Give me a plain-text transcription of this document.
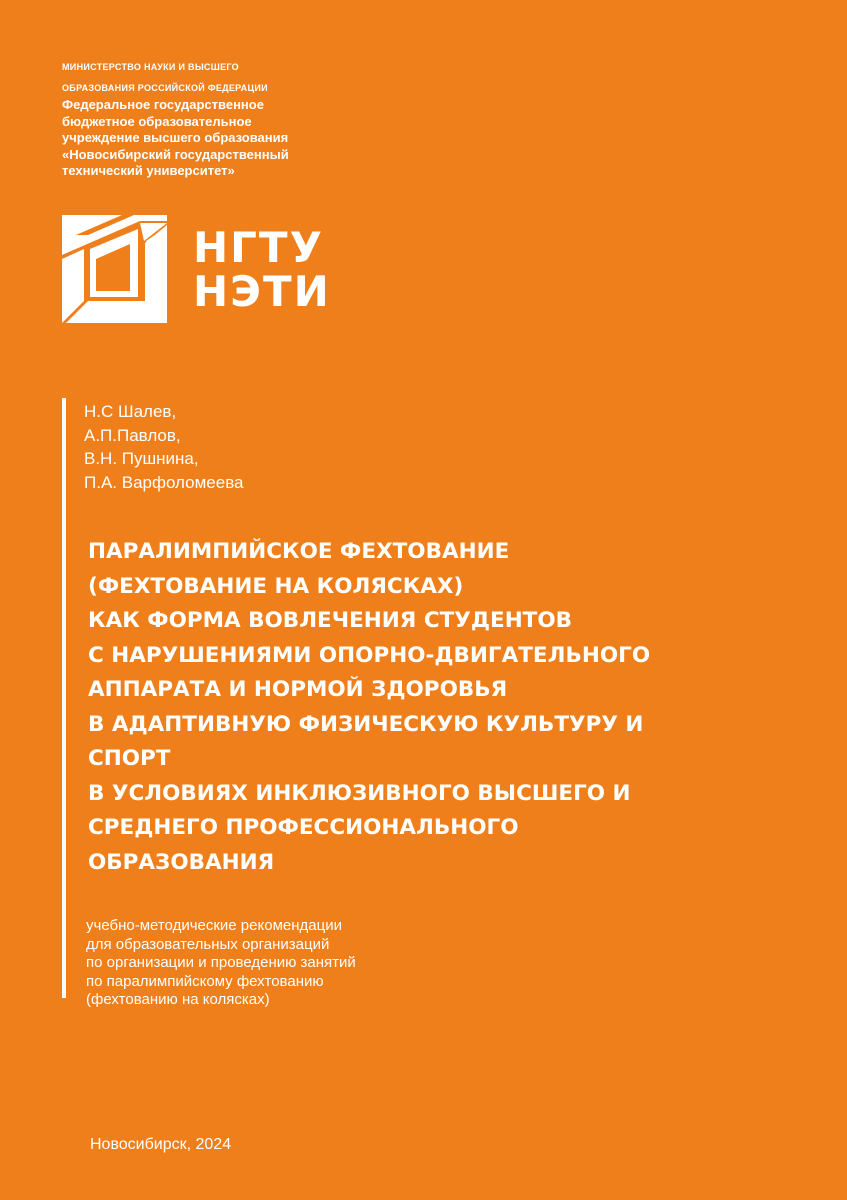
МИНИСТЕРСТВО НАУКИ И ВЫСШЕГО
ОБРАЗОВАНИЯ РОССИЙСКОЙ ФЕДЕРАЦИИ
Федеральное государственное
бюджетное образовательное
учреждение высшего образования
«Новосибирский государственный
технический университет»
НГТУ
НЭТИ
Н.С Шалев,
А.П.Павлов,
В.Н. Пушнина,
П.А. Варфоломеева
ПАРАЛИМПИЙСКОЕ ФЕХТОВАНИЕ
(ФЕХТОВАНИЕ НА КОЛЯСКАХ)
КАК ФОРМА ВОВЛЕЧЕНИЯ СТУДЕНТОВ
С НАРУШЕНИЯМИ ОПОРНО-ДВИГАТЕЛЬНОГО
АППАРАТА И НОРМОЙ ЗДОРОВЬЯ
В АДАПТИВНУЮ ФИЗИЧЕСКУЮ КУЛЬТУРУ И
СПОРТ
В УСЛОВИЯХ ИНКЛЮЗИВНОГО ВЫСШЕГО И
СРЕДНЕГО ПРОФЕССИОНАЛЬНОГО
ОБРАЗОВАНИЯ
учебно-методические рекомендации
для образовательных организаций
по организации и проведению занятий
по паралимпийскому фехтованию
(фехтованию на колясках)
Новосибирск, 2024
